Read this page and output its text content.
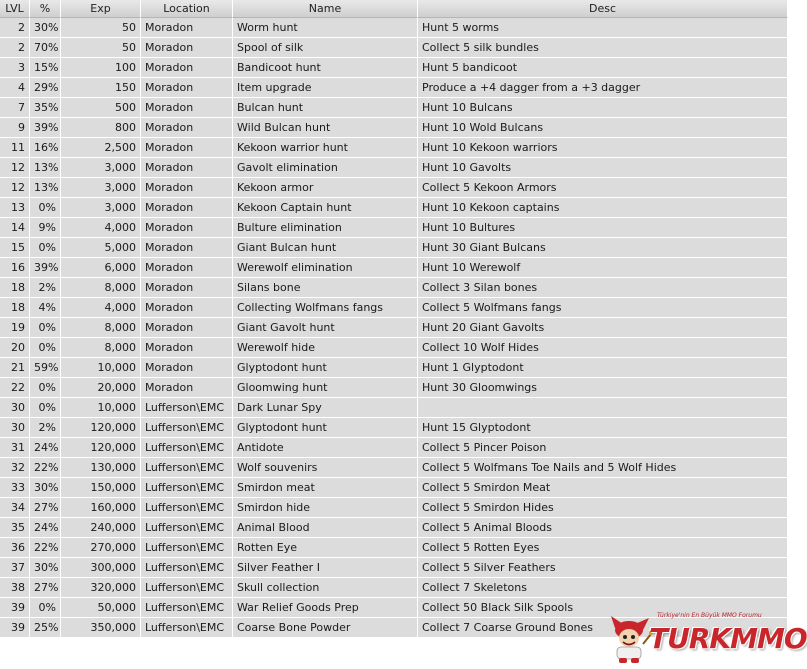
LVL	%	Exp	Location	Name	Desc
2	30%	50	Moradon	Worm hunt	Hunt 5 worms
2	70%	50	Moradon	Spool of silk	Collect 5 silk bundles
3	15%	100	Moradon	Bandicoot hunt	Hunt 5 bandicoot
4	29%	150	Moradon	Item upgrade	Produce a +4 dagger from a +3 dagger
7	35%	500	Moradon	Bulcan hunt	Hunt 10 Bulcans
9	39%	800	Moradon	Wild Bulcan hunt	Hunt 10 Wold Bulcans
11	16%	2,500	Moradon	Kekoon warrior hunt	Hunt 10 Kekoon warriors
12	13%	3,000	Moradon	Gavolt elimination	Hunt 10 Gavolts
12	13%	3,000	Moradon	Kekoon armor	Collect 5 Kekoon Armors
13	0%	3,000	Moradon	Kekoon Captain hunt	Hunt 10 Kekoon captains
14	9%	4,000	Moradon	Bulture elimination	Hunt 10 Bultures
15	0%	5,000	Moradon	Giant Bulcan hunt	Hunt 30 Giant Bulcans
16	39%	6,000	Moradon	Werewolf elimination	Hunt 10 Werewolf
18	2%	8,000	Moradon	Silans bone	Collect 3 Silan bones
18	4%	4,000	Moradon	Collecting Wolfmans fangs	Collect 5 Wolfmans fangs
19	0%	8,000	Moradon	Giant Gavolt hunt	Hunt 20 Giant Gavolts
20	0%	8,000	Moradon	Werewolf hide	Collect 10 Wolf Hides
21	59%	10,000	Moradon	Glyptodont hunt	Hunt 1 Glyptodont
22	0%	20,000	Moradon	Gloomwing hunt	Hunt 30 Gloomwings
30	0%	10,000	Lufferson\EMC	Dark Lunar Spy	
30	2%	120,000	Lufferson\EMC	Glyptodont hunt	Hunt 15 Glyptodont
31	24%	120,000	Lufferson\EMC	Antidote	Collect 5 Pincer Poison
32	22%	130,000	Lufferson\EMC	Wolf souvenirs	Collect 5 Wolfmans Toe Nails and 5 Wolf Hides
33	30%	150,000	Lufferson\EMC	Smirdon meat	Collect 5 Smirdon Meat
34	27%	160,000	Lufferson\EMC	Smirdon hide	Collect 5 Smirdon Hides
35	24%	240,000	Lufferson\EMC	Animal Blood	Collect 5 Animal Bloods
36	22%	270,000	Lufferson\EMC	Rotten Eye	Collect 5 Rotten Eyes
37	30%	300,000	Lufferson\EMC	Silver Feather I	Collect 5 Silver Feathers
38	27%	320,000	Lufferson\EMC	Skull collection	Collect 7 Skeletons
39	0%	50,000	Lufferson\EMC	War Relief Goods Prep	Collect 50 Black Silk Spools
39	25%	350,000	Lufferson\EMC	Coarse Bone Powder	Collect 7 Coarse Ground Bones
Türkiye'nin En Büyük MMO Forumu
TURKMMO
